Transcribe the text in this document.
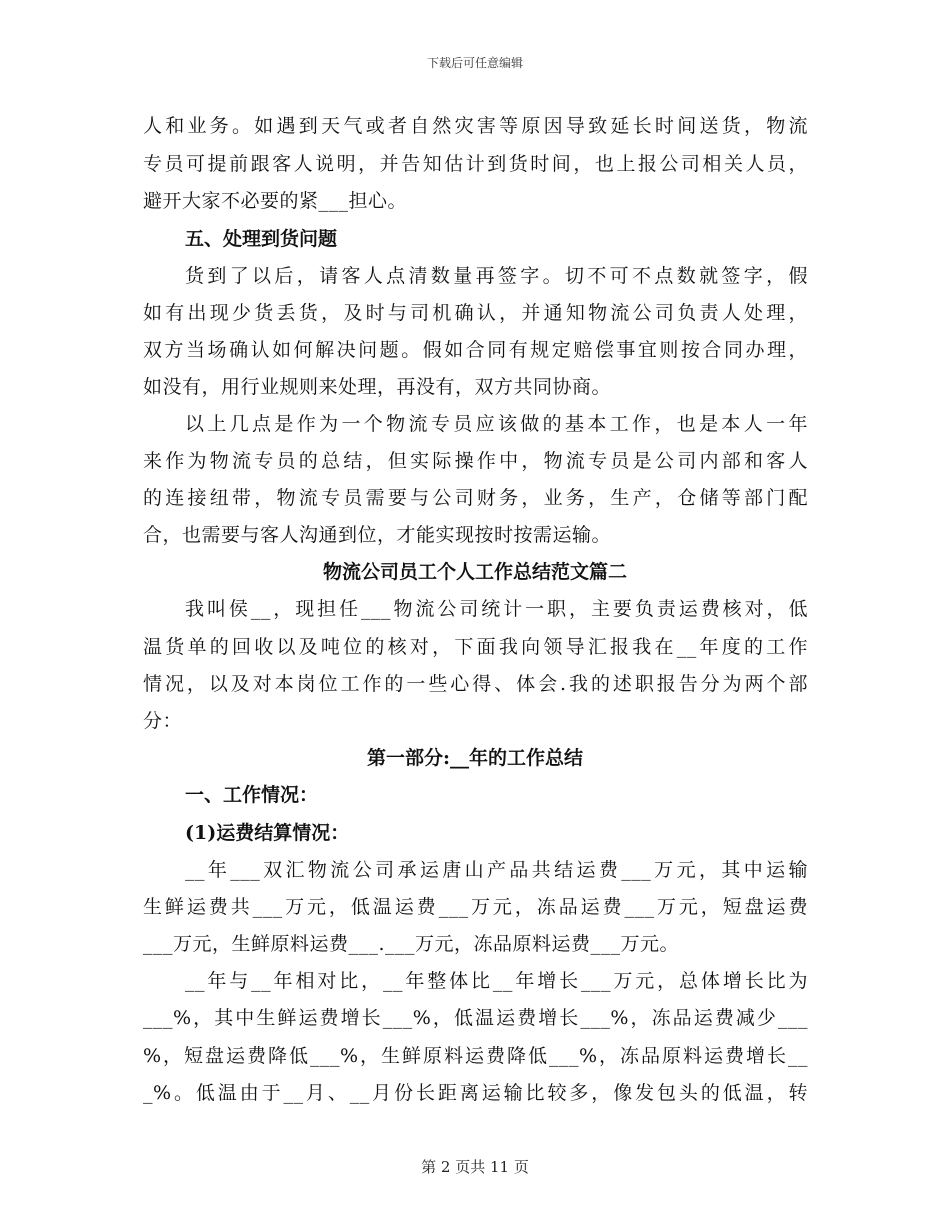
下载后可任意编辑
人和业务。如遇到天气或者自然灾害等原因导致延长时间送货，物流
专员可提前跟客人说明，并告知估计到货时间，也上报公司相关人员，
避开大家不必要的紧___担心。
五、处理到货问题
货到了以后，请客人点清数量再签字。切不可不点数就签字，假
如有出现少货丢货，及时与司机确认，并通知物流公司负责人处理，
双方当场确认如何解决问题。假如合同有规定赔偿事宜则按合同办理，
如没有，用行业规则来处理，再没有，双方共同协商。
以上几点是作为一个物流专员应该做的基本工作，也是本人一年
来作为物流专员的总结，但实际操作中，物流专员是公司内部和客人
的连接纽带，物流专员需要与公司财务，业务，生产，仓储等部门配
合，也需要与客人沟通到位，才能实现按时按需运输。
物流公司员工个人工作总结范文篇二
我叫侯__，现担任___物流公司统计一职，主要负责运费核对，低
温货单的回收以及吨位的核对，下面我向领导汇报我在__年度的工作
情况，以及对本岗位工作的一些心得、体会.我的述职报告分为两个部
分：
第一部分:__年的工作总结
一、工作情况：
(1)运费结算情况：
__年___双汇物流公司承运唐山产品共结运费___万元，其中运输
生鲜运费共___万元，低温运费___万元，冻品运费___万元，短盘运费
___万元，生鲜原料运费___.___万元，冻品原料运费___万元。
__年与__年相对比，__年整体比__年增长___万元，总体增长比为
___%，其中生鲜运费增长___%，低温运费增长___%，冻品运费减少___
%，短盘运费降低___%，生鲜原料运费降低___%，冻品原料运费增长__
_%。低温由于__月、__月份长距离运输比较多，像发包头的低温，转
第 2 页共 11 页
